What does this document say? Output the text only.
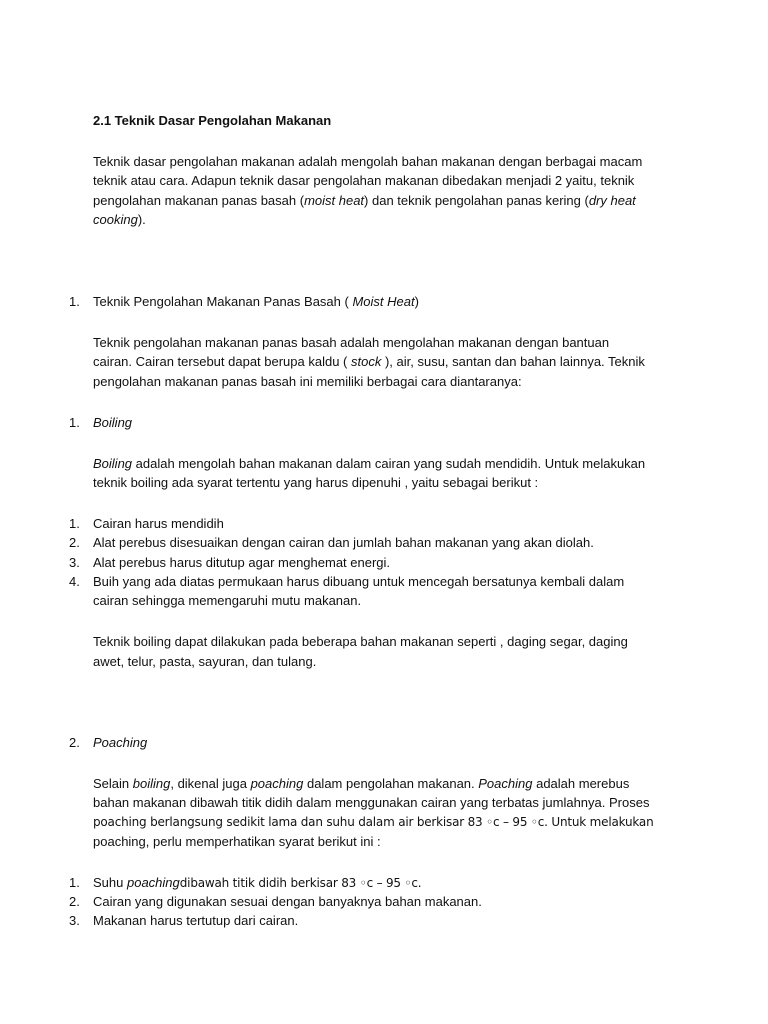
2.1 Teknik Dasar Pengolahan Makanan
Teknik dasar pengolahan makanan adalah mengolah bahan makanan dengan berbagai macam
teknik atau cara. Adapun teknik dasar pengolahan makanan dibedakan menjadi 2 yaitu, teknik
pengolahan makanan panas basah (moist heat) dan teknik pengolahan panas kering (dry heat
cooking).
1. Teknik Pengolahan Makanan Panas Basah ( Moist Heat)
Teknik pengolahan makanan panas basah adalah mengolahan makanan dengan bantuan
cairan. Cairan tersebut dapat berupa kaldu ( stock ), air, susu, santan dan bahan lainnya. Teknik
pengolahan makanan panas basah ini memiliki berbagai cara diantaranya:
1. Boiling
Boiling adalah mengolah bahan makanan dalam cairan yang sudah mendidih. Untuk melakukan
teknik boiling ada syarat tertentu yang harus dipenuhi , yaitu sebagai berikut :
1. Cairan harus mendidih
2. Alat perebus disesuaikan dengan cairan dan jumlah bahan makanan yang akan diolah.
3. Alat perebus harus ditutup agar menghemat energi.
4. Buih yang ada diatas permukaan harus dibuang untuk mencegah bersatunya kembali dalam
cairan sehingga memengaruhi mutu makanan.
Teknik boiling dapat dilakukan pada beberapa bahan makanan seperti , daging segar, daging
awet, telur, pasta, sayuran, dan tulang.
2. Poaching
Selain boiling, dikenal juga poaching dalam pengolahan makanan. Poaching adalah merebus
bahan makanan dibawah titik didih dalam menggunakan cairan yang terbatas jumlahnya. Proses
poaching berlangsung sedikit lama dan suhu dalam air berkisar 83 ◦c – 95 ◦c. Untuk melakukan
poaching, perlu memperhatikan syarat berikut ini :
1. Suhu poachingdibawah titik didih berkisar 83 ◦c – 95 ◦c.
2. Cairan yang digunakan sesuai dengan banyaknya bahan makanan.
3. Makanan harus tertutup dari cairan.
